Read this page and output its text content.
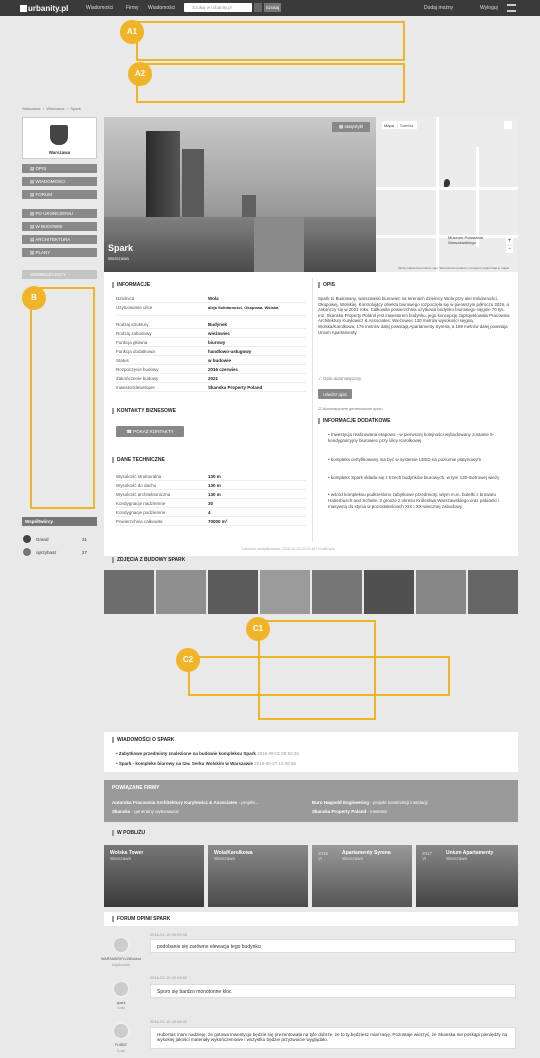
urbanity.pl	Wiadomości	Firmy Wiadomości	Szukaj w urbanity.pl	Szukaj	Dodaj możny	Wyloguj
A1
A2
Warszawa  ›  Wieżowce  ›  Spark
Warszawa
▤ OPIS
▤ WIADOMOŚCI
▤ FORUM
▤ PO UKOŃCZENIU
▤ W BUDOWIE
▤ ARCHITEKTURA
▤ PLANY
ODWIEDZAJĄCY
B
Współtwórcy
Grand	31
oprzyhasz	27
▦ statystyki
Spark
Warszawa
Muzeum Powstania Warszawskiego
Mapa	Satelita
+
−
Skróty klawiszowe Dane mapy Warunki korzystania z programu Zgłoś błąd w mapie
INFORMACJE
Dzielnica	Wola
Usytuowanie ulice	aleja Solidarności, Okopowa, Wolska
Rodzaj struktury	Budynek
Rodzaj zabudowy	wieżowiec
Funkcja główna	biurowy
Funkcja dodatkowa	handlowo-usługowy
Status	w budowie
Rozpoczęcie budowy	2016 czerwiec
Zakończenie budowy	2021
Inwestor/deweloper	Skanska Property Poland
KONTAKTY BIZNESOWE
☎ POKAŻ KONTAKTY
DANE TECHNICZNE
Wysokość strukturalna	130 m
Wysokość do dachu	130 m
Wysokość architektoniczna	130 m
Kondygnacje nadziemne	30
Kondygnacje podziemne	4
Powierzchnia całkowita	70000 m²
OPIS
Spark to Budowany, warszawski biurowiec na terenach dzielnicy Wola przy alei Solidarności, Okopowej, Wolskiej. Kontrolujący obiektu biurowego rozpoczęła się w pierwszym półroczu 2016, a zakończy się w 2021 roku. Całkowita powierzchnia użytkowa budynku biurowego sięgnie 70 tys. m2. Skanska Property Poland jest inwestorem budynku, jego koncepcję zaprojektowała Pracownia Architektury Kuryłowicz & Associates. Wieżowiec 130 metrów wysokości sięgną. Wolska/Karolkowa, 176 metrów dalej powstają Apartamenty Syrena, a 189 metrów dalej powstaja Unium Apartamenty.
✓ Opis automatyczny
Utwórz opis
☑ Automatyczne generowanie opisu
INFORMACJE DODATKOWE
• Inwestycja realizowana etapowo - w pierwszej kolejności wybudowany zostanie 8-kondygnacyjny biurowiec przy ulicy Karolkowej
• kompleks certyfikowany ma być w systemie LEED na poziomie platynowym
• kompleks Spark składa się z trzech budynków biurowych, w tym 130-metrowej wieży
• wśród kompleksu podkreślono zabytkowe przedmioty, wtym m.in. butelki z browaru Haberbusch and Schiele, 3 grosze z okresu Królestwa Warszawskiego oraz pabianki i masywną do stycia w pozostałościach XIX i XX-wiecznej zabudowy
Dziennie modyfikowane: 2016-10-29 02:51:48 | Krótki opis
ZDJĘCIA Z BUDOWY SPARK
C1
C2
WIADOMOŚCI O SPARK
• Zabytkowe przedmioty znalezione na budowie kompleksu Spark 2016-08-01 08:52:25
• Spark - kompleks biurowy na tzw. Serku Wolskim w Warszawie 2016-06-27 12:06:55
POWIĄZANE FIRMY
Autorska Pracownia Architektury Kuryłowicz & Associates - projekt...
Skanska - generalny wykonawca
Buro Happold Engineering - projekt konstrukcji instalacji
Skanska Property Poland - inwestor
W POBLIŻU
Wolska Tower
Warszawa
Wola/Karolkowa
Warszawa
Apartamenty Syrena
Warszawa
2015 VI
Unium Apartamenty
Warszawa
2017 VI
FORUM OPINII SPARK
WARSAWSKYLINEcktud
Użytkownik
2016-01-15 09:09:06
podobanie się zarówno elewacja tego budynku
spark
Gość
2016-01-15 09:08:52
Sporo się bardzo monotonne kloc
FLIBBY
Gość
2016-01-15 09:08:02
Hubertas mam nadzieję, że gotowa inwestycja będzie się prezentowała na tyle dobrze, że to ty będziesz miał rację. Pozostaje wierzyć, że Skanska nie poskąpi pieniędzy na wysokiej jakości materiały wykończeniowe i wszystko będzie przyzwoicie wyglądało.
